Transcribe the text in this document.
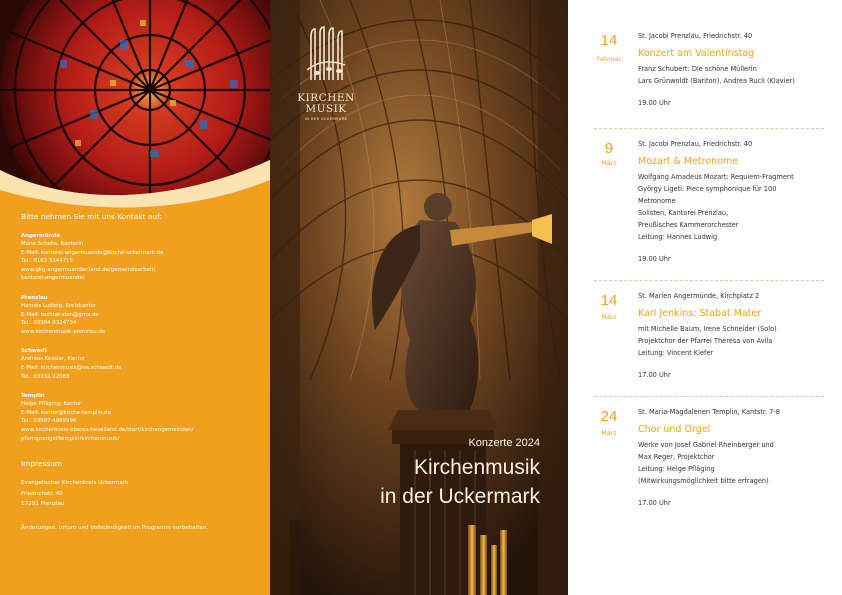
Bitte nehmen Sie mit uns Kontakt auf:
Angermünde
Maria Schella, Kantorin
E-Mail: kantorei-angermuende@kirche-uckermark.de
Tel.: 0163 5344715
www.gkg-angermuender-land.de/gemeindearbeit/
kantorei-angermuende/
Prenzlau
Hannes Ludwig, Kreiskantor
E-Mail: tochter-zion@gmx.de
Tel.: 03984 8324734
www.kirchenmusik-prenzlau.de
Schwedt
Andreas Kessler, Kantor
E-Mail: kirchenmusik@sw.schwedt.de
Tel.: 03332 22083
Templin
Helge Pfläging, Kantor
E-Mail: kantor@kirche-templin.de
Tel.: 03987 4989996
www.kirchenkreis-oberes-havelland.de/start/kirchengemeinden/
pfarrsprengel/templin/kirchenmusik/
Impressum
Evangelischer Kirchenkreis Uckermark
Friedrichstr. 40
17291 Prenzlau
Änderungen, Irrtum und Vollständigkeit im Programm vorbehalten.
KIRCHEN
MUSIK
IN DER UCKERMARK
Konzerte 2024
Kirchenmusik
in der Uckermark
14
Februar
St. Jacobi Prenzlau, Friedrichstr. 40
Konzert am Valentinstag
Franz Schubert: Die schöne Müllerin
Lars Grünwoldt (Bariton), Andrea Rucli (Klavier)
19.00 Uhr
9
März
St. Jacobi Prenzlau, Friedrichstr. 40
Mozart & Metronome
Wolfgang Amadeus Mozart: Requiem-Fragment
György Ligeti: Piece symphonique für 100
Metronome
Solisten, Kantorei Prenzlau,
Preußisches Kammerorchester
Leitung: Hannes Ludwig
19.00 Uhr
14
März
St. Marien Angermünde, Kirchplatz 2
Karl Jenkins: Stabat Mater
mit Michelle Baum, Irene Schneider (Solo)
Projektchor der Pfarrei Theresa von Avila
Leitung: Vincent Kiefer
17.00 Uhr
24
März
St. Maria-Magdalenen Templin, Kantstr. 7-8
Chor und Orgel
Werke von Josef Gabriel Rheinberger und
Max Reger, Projektchor
Leitung: Helge Pfläging
(Mitwirkungsmöglichkeit bitte erfragen)
17.00 Uhr
